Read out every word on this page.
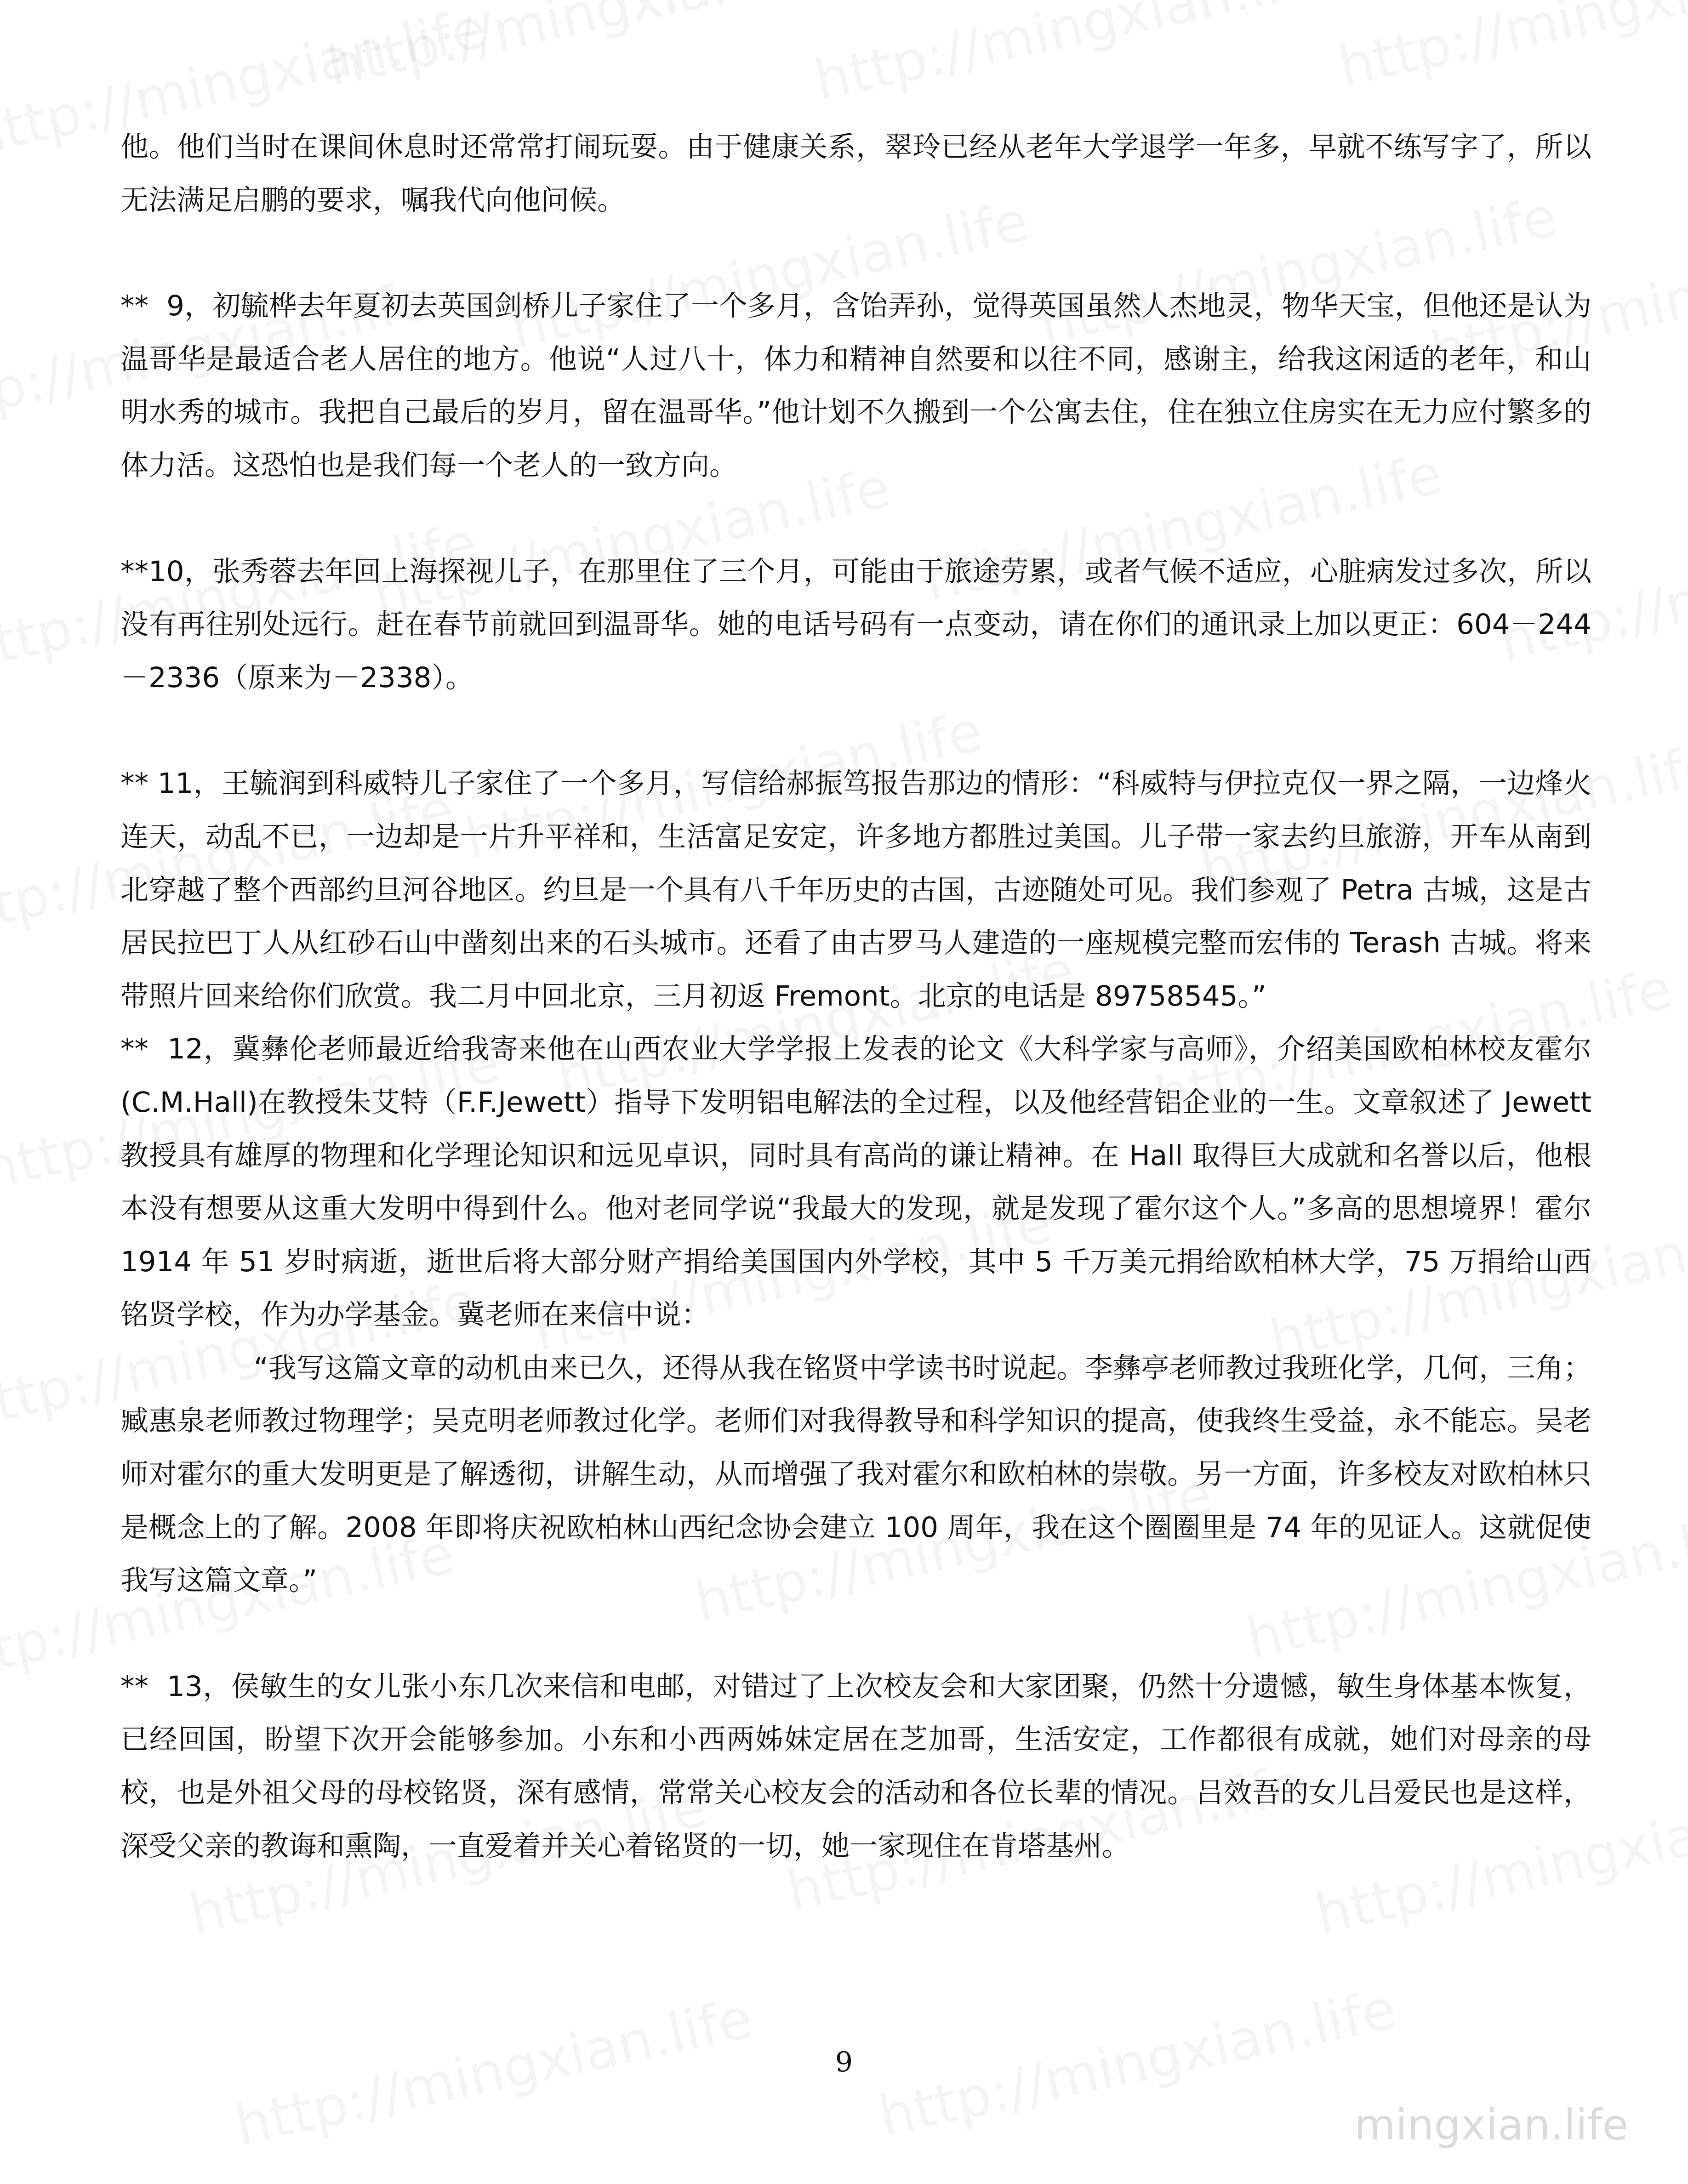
他。他们当时在课间休息时还常常打闹玩耍。由于健康关系，翠玲已经从老年大学退学一年多，早就不练写字了，所以无法满足启鹏的要求，嘱我代向他问候。

**  9，初毓桦去年夏初去英国剑桥儿子家住了一个多月，含饴弄孙，觉得英国虽然人杰地灵，物华天宝，但他还是认为温哥华是最适合老人居住的地方。他说“人过八十，体力和精神自然要和以往不同，感谢主，给我这闲适的老年，和山明水秀的城市。我把自己最后的岁月，留在温哥华。”他计划不久搬到一个公寓去住，住在独立住房实在无力应付繁多的体力活。这恐怕也是我们每一个老人的一致方向。

**10，张秀蓉去年回上海探视儿子，在那里住了三个月，可能由于旅途劳累，或者气候不适应，心脏病发过多次，所以没有再往别处远行。赶在春节前就回到温哥华。她的电话号码有一点变动，请在你们的通讯录上加以更正：604－244－2336（原来为－2338）。

** 11，王毓润到科威特儿子家住了一个多月，写信给郝振笃报告那边的情形：“科威特与伊拉克仅一界之隔，一边烽火连天，动乱不已，一边却是一片升平祥和，生活富足安定，许多地方都胜过美国。儿子带一家去约旦旅游，开车从南到北穿越了整个西部约旦河谷地区。约旦是一个具有八千年历史的古国，古迹随处可见。我们参观了 Petra 古城，这是古居民拉巴丁人从红砂石山中凿刻出来的石头城市。还看了由古罗马人建造的一座规模完整而宏伟的 Terash 古城。将来带照片回来给你们欣赏。我二月中回北京，三月初返 Fremont。北京的电话是 89758545。”

**  12，冀彝伦老师最近给我寄来他在山西农业大学学报上发表的论文《大科学家与高师》，介绍美国欧柏林校友霍尔(C.M.Hall)在教授朱艾特（F.F.Jewett）指导下发明铝电解法的全过程，以及他经营铝企业的一生。文章叙述了 Jewett 教授具有雄厚的物理和化学理论知识和远见卓识，同时具有高尚的谦让精神。在 Hall 取得巨大成就和名誉以后，他根本没有想要从这重大发明中得到什么。他对老同学说“我最大的发现，就是发现了霍尔这个人。”多高的思想境界！霍尔 1914 年 51 岁时病逝，逝世后将大部分财产捐给美国国内外学校，其中 5 千万美元捐给欧柏林大学，75 万捐给山西铭贤学校，作为办学基金。冀老师在来信中说：

“我写这篇文章的动机由来已久，还得从我在铭贤中学读书时说起。李彝亭老师教过我班化学，几何，三角；臧惠泉老师教过物理学；吴克明老师教过化学。老师们对我得教导和科学知识的提高，使我终生受益，永不能忘。吴老师对霍尔的重大发明更是了解透彻，讲解生动，从而增强了我对霍尔和欧柏林的崇敬。另一方面，许多校友对欧柏林只是概念上的了解。2008 年即将庆祝欧柏林山西纪念协会建立 100 周年，我在这个圈圈里是 74 年的见证人。这就促使我写这篇文章。”

**  13，侯敏生的女儿张小东几次来信和电邮，对错过了上次校友会和大家团聚，仍然十分遗憾，敏生身体基本恢复，已经回国，盼望下次开会能够参加。小东和小西两姊妹定居在芝加哥，生活安定，工作都很有成就，她们对母亲的母校，也是外祖父母的母校铭贤，深有感情，常常关心校友会的活动和各位长辈的情况。吕效吾的女儿吕爱民也是这样，深受父亲的教诲和熏陶，一直爱着并关心着铭贤的一切，她一家现住在肯塔基州。

9
mingxian.life
